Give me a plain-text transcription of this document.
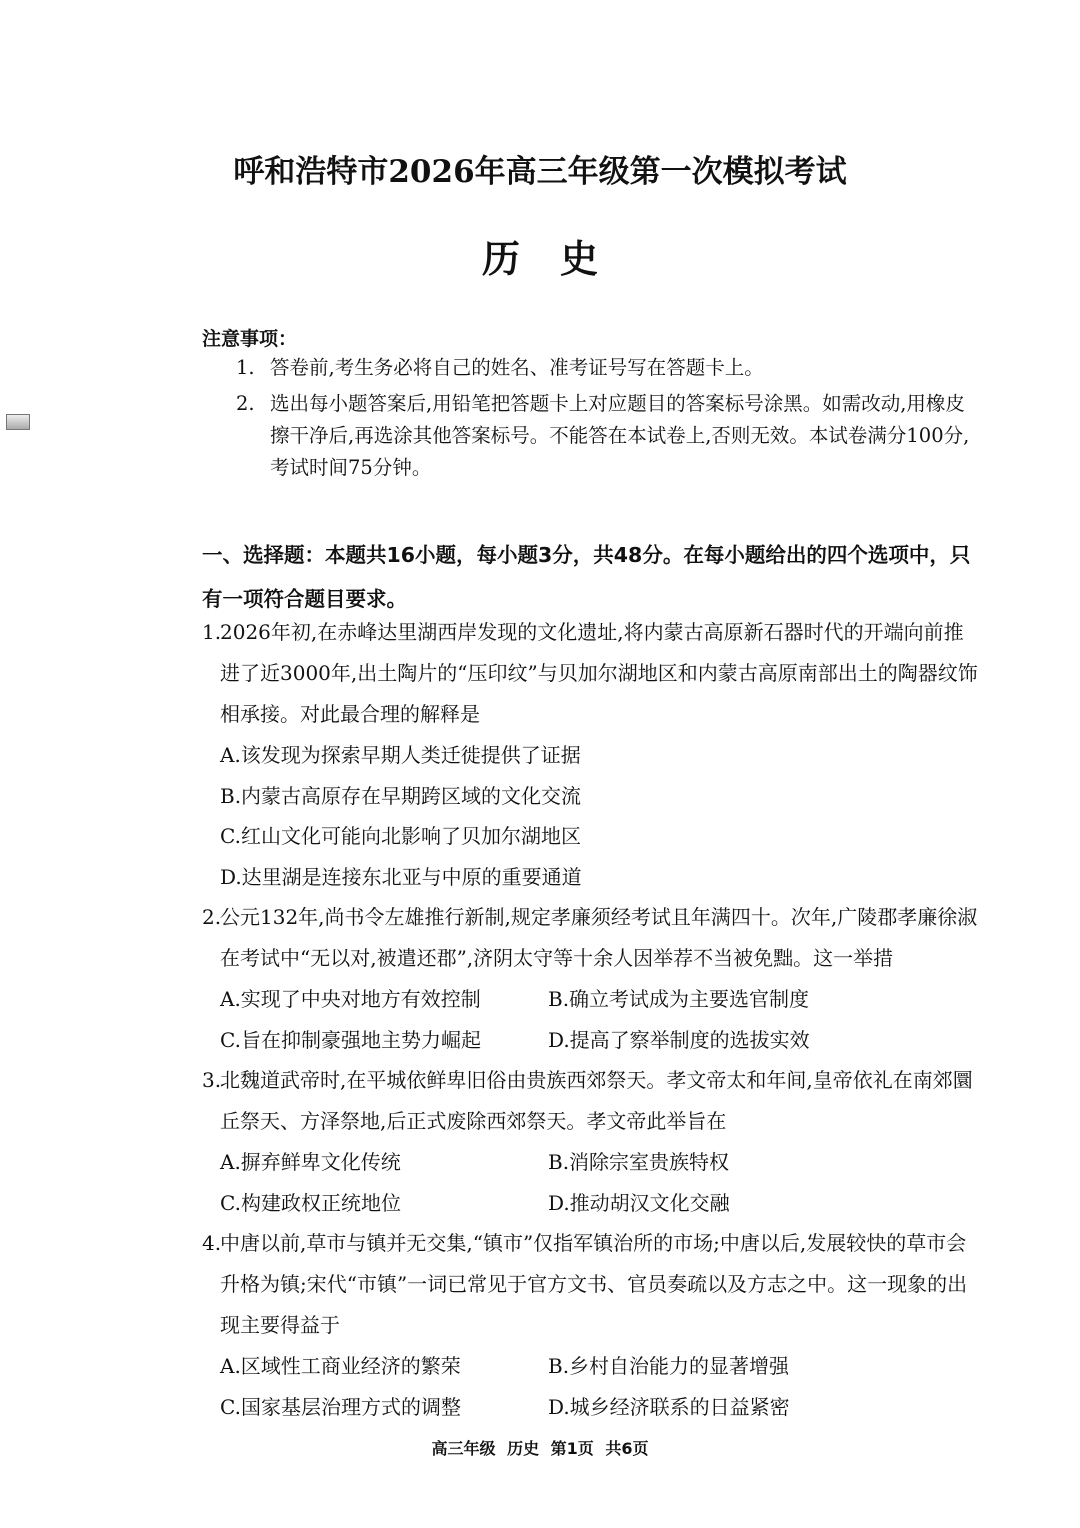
呼和浩特市2026年高三年级第一次模拟考试
历史
注意事项：
1. 答卷前,考生务必将自己的姓名、准考证号写在答题卡上。
2. 选出每小题答案后,用铅笔把答题卡上对应题目的答案标号涂黑。如需改动,用橡皮擦干净后,再选涂其他答案标号。不能答在本试卷上,否则无效。本试卷满分100分,考试时间75分钟。
一、选择题：本题共16小题，每小题3分，共48分。在每小题给出的四个选项中，只有一项符合题目要求。
1.
2026年初,在赤峰达里湖西岸发现的文化遗址,将内蒙古高原新石器时代的开端向前推进了近3000年,出土陶片的“压印纹”与贝加尔湖地区和内蒙古高原南部出土的陶器纹饰相承接。对此最合理的解释是
A.该发现为探索早期人类迁徙提供了证据
B.内蒙古高原存在早期跨区域的文化交流
C.红山文化可能向北影响了贝加尔湖地区
D.达里湖是连接东北亚与中原的重要通道
2.
公元132年,尚书令左雄推行新制,规定孝廉须经考试且年满四十。次年,广陵郡孝廉徐淑在考试中“无以对,被遣还郡”,济阴太守等十余人因举荐不当被免黜。这一举措
A.实现了中央对地方有效控制	B.确立考试成为主要选官制度
C.旨在抑制豪强地主势力崛起	D.提高了察举制度的选拔实效
3.
北魏道武帝时,在平城依鲜卑旧俗由贵族西郊祭天。孝文帝太和年间,皇帝依礼在南郊圜丘祭天、方泽祭地,后正式废除西郊祭天。孝文帝此举旨在
A.摒弃鲜卑文化传统	B.消除宗室贵族特权
C.构建政权正统地位	D.推动胡汉文化交融
4.
中唐以前,草市与镇并无交集,“镇市”仅指军镇治所的市场;中唐以后,发展较快的草市会升格为镇;宋代“市镇”一词已常见于官方文书、官员奏疏以及方志之中。这一现象的出现主要得益于
A.区域性工商业经济的繁荣	B.乡村自治能力的显著增强
C.国家基层治理方式的调整	D.城乡经济联系的日益紧密
高三年级 历史 第1页 共6页
